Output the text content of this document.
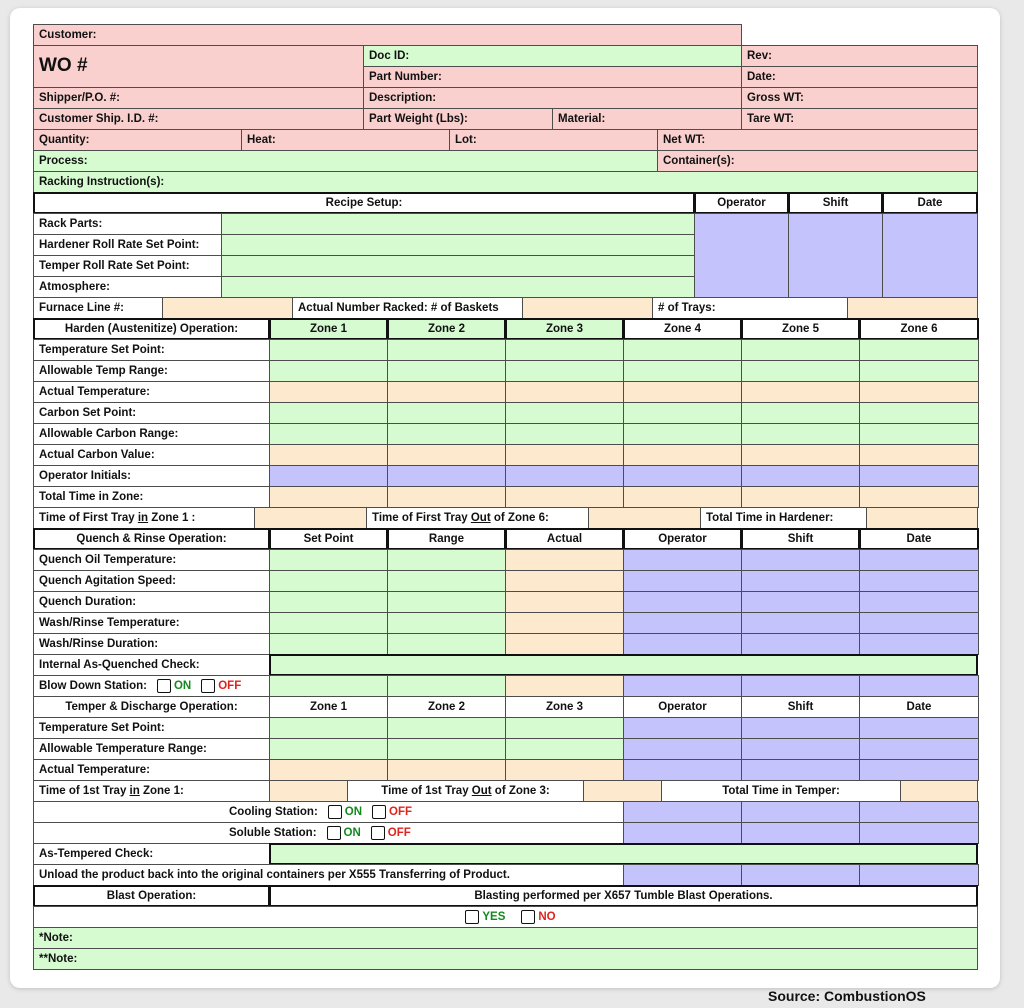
Customer:
WO #	Doc ID:	Rev:
Part Number:	Date:
Shipper/P.O. #:	Description:	Gross WT:
Customer Ship. I.D. #:	Part Weight (Lbs):	Material:	Tare WT:
Quantity:	Heat:	Lot:	Net WT:
Process:	Container(s):
Racking Instruction(s):
Recipe Setup:	Operator	Shift	Date
Rack Parts:
Hardener Roll Rate Set Point:
Temper Roll Rate Set Point:
Atmosphere:
Furnace Line #:	Actual Number Racked: # of Baskets	# of Trays:
Harden (Austenitize) Operation:	Zone 1	Zone 2	Zone 3	Zone 4	Zone 5	Zone 6
Temperature Set Point:
Allowable Temp Range:
Actual Temperature:
Carbon Set Point:
Allowable Carbon Range:
Actual Carbon Value:
Operator Initials:
Total Time in Zone:
Time of First Tray in Zone 1 :	Time of First Tray Out of Zone 6:	Total Time in Hardener:
Quench & Rinse Operation:	Set Point	Range	Actual	Operator	Shift	Date
Quench Oil Temperature:
Quench Agitation Speed:
Quench Duration:
Wash/Rinse Temperature:
Wash/Rinse Duration:
Internal As-Quenched Check:
Blow Down Station: ON OFF
Temper & Discharge Operation:	Zone 1	Zone 2	Zone 3	Operator	Shift	Date
Temperature Set Point:
Allowable Temperature Range:
Actual Temperature:
Time of 1st Tray in Zone 1:	Time of 1st Tray Out of Zone 3:	Total Time in Temper:
Cooling Station: ON OFF
Soluble Station: ON OFF
As-Tempered Check:
Unload the product back into the original containers per X555 Transferring of Product.
Blast Operation:	Blasting performed per X657 Tumble Blast Operations.
YES	NO
*Note:
**Note:
Source: CombustionOS
